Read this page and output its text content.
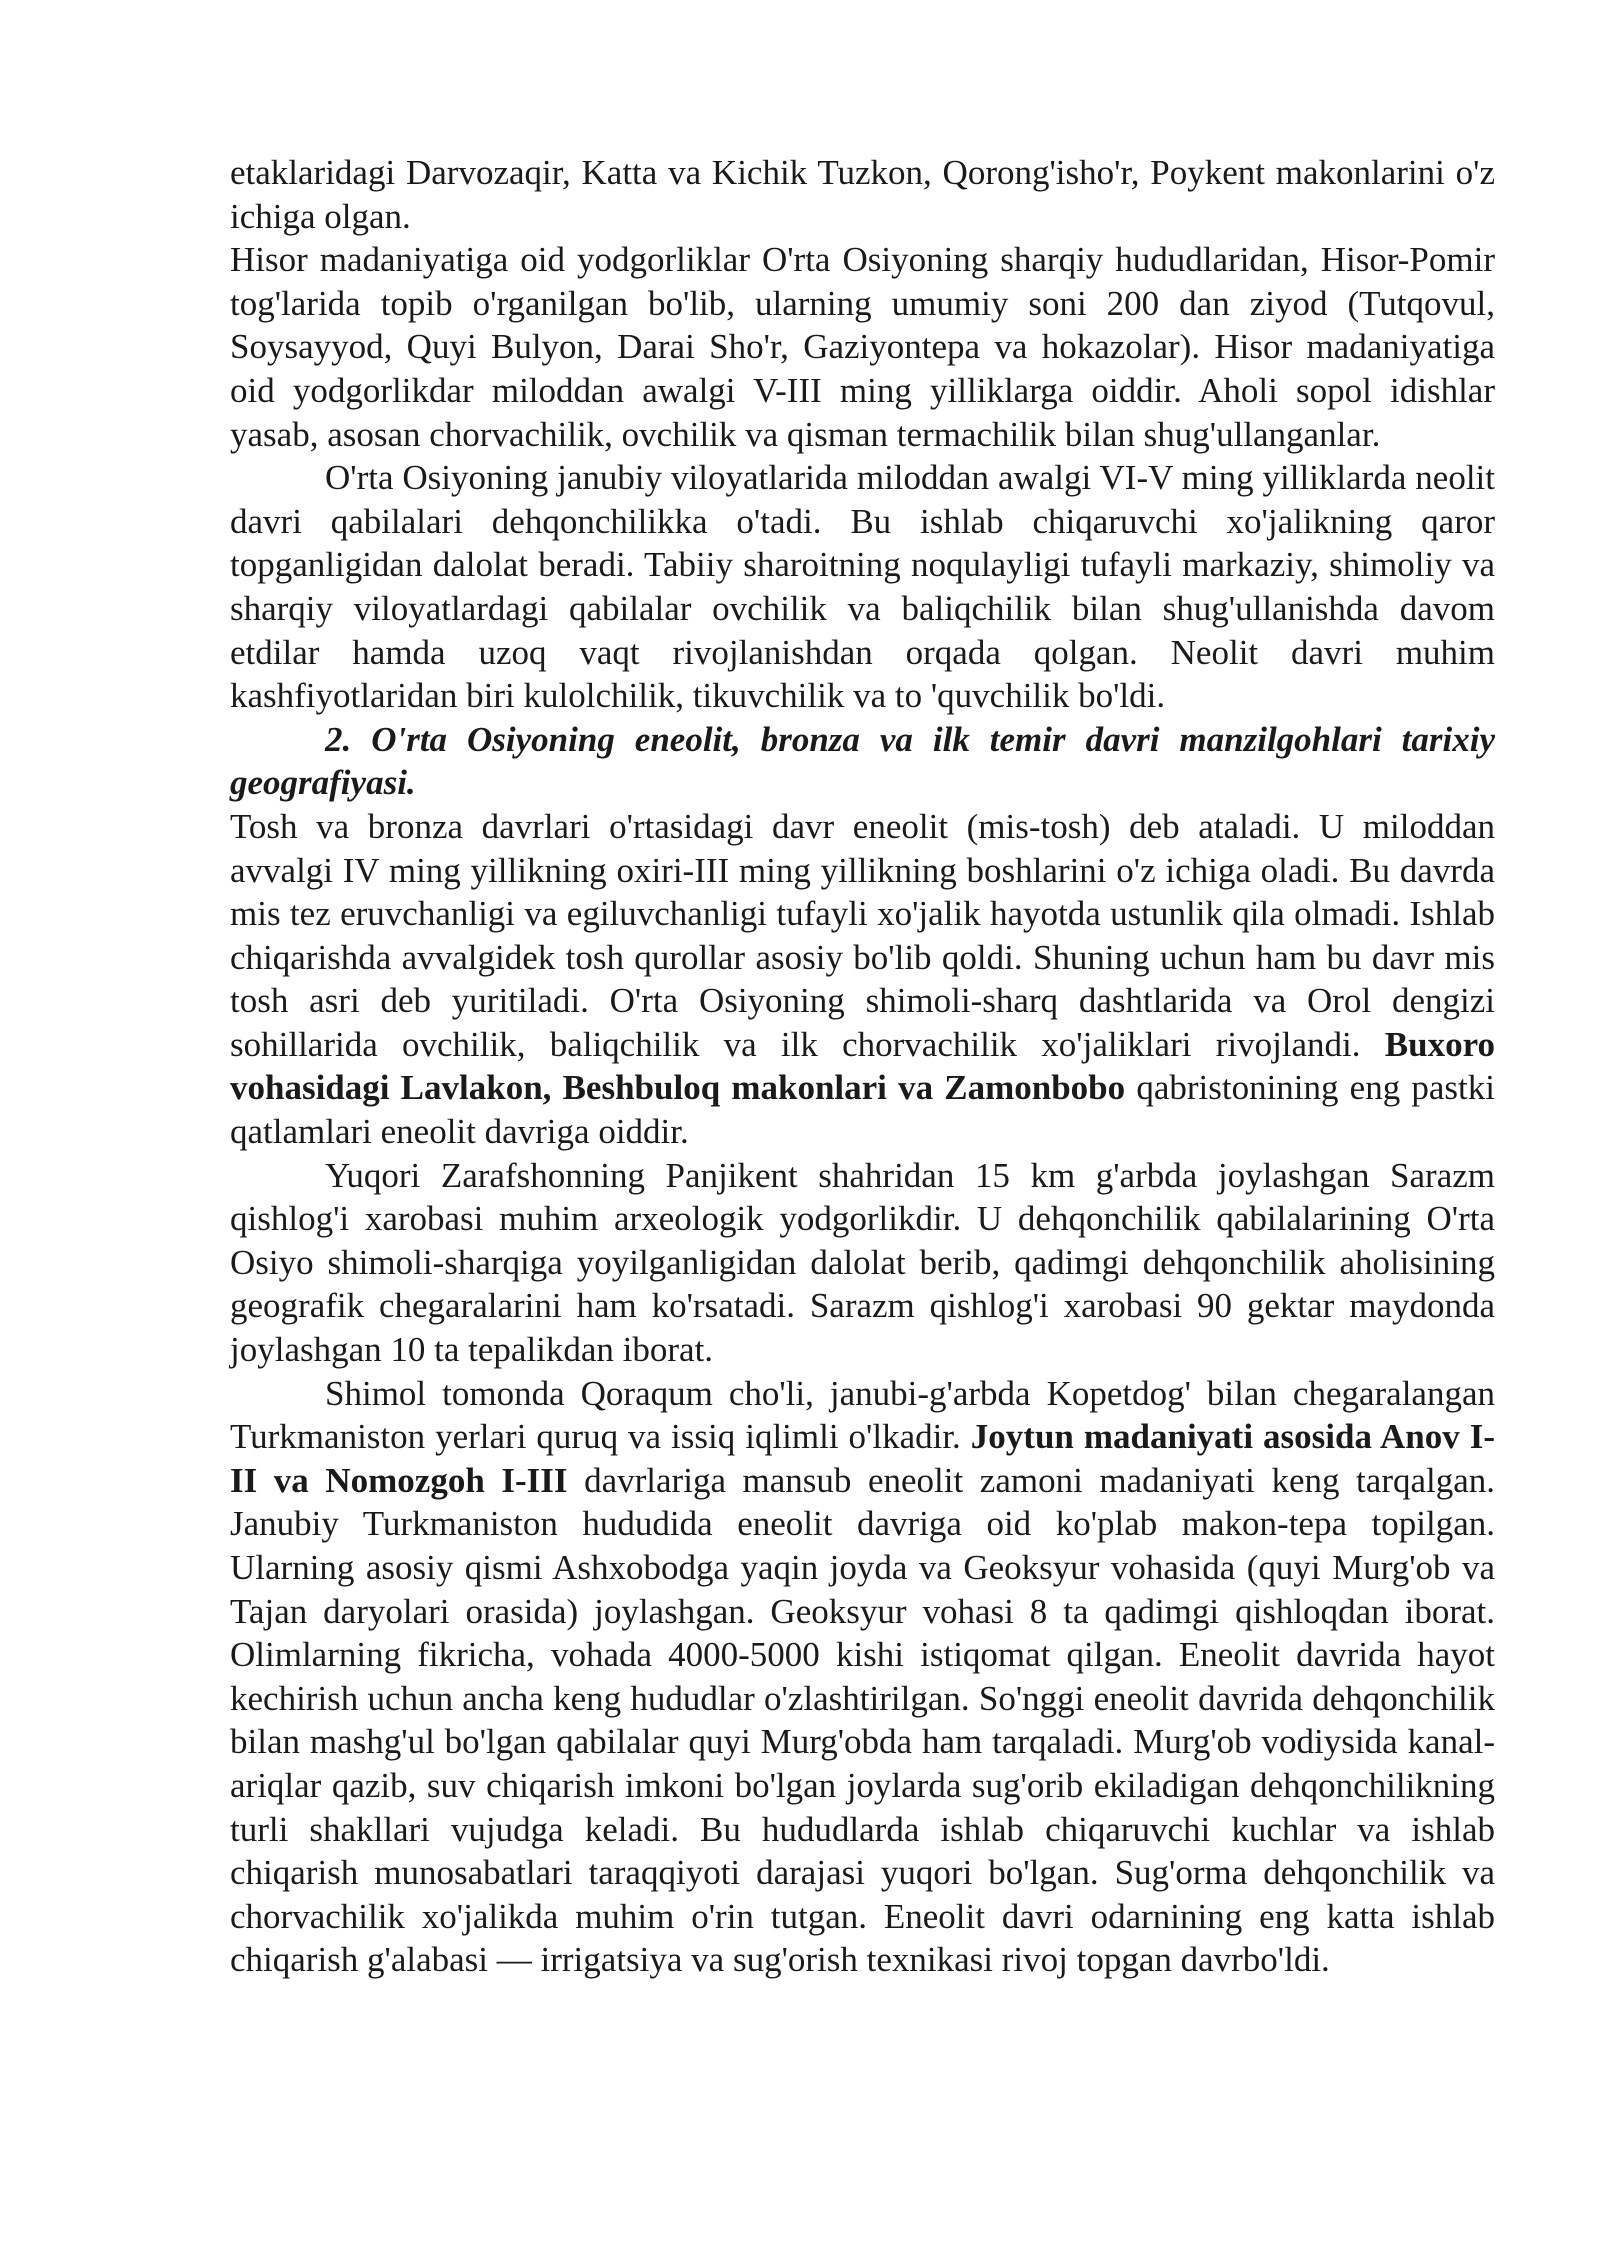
etaklaridagi Darvozaqir, Katta va Kichik Tuzkon, Qorong'isho'r, Poykent makonlarini o'z ichiga olgan.

Hisor madaniyatiga oid yodgorliklar O'rta Osiyoning sharqiy hududlaridan, Hisor-Pomir tog'larida topib o'rganilgan bo'lib, ularning umumiy soni 200 dan ziyod (Tutqovul, Soysayyod, Quyi Bulyon, Darai Sho'r, Gaziyontepa va hokazolar). Hisor madaniyatiga oid yodgorlikdar miloddan awalgi V-III ming yilliklarga oiddir. Aholi sopol idishlar yasab, asosan chorvachilik, ovchilik va qisman termachilik bilan shug'ullanganlar.

O'rta Osiyoning janubiy viloyatlarida miloddan awalgi VI-V ming yilliklarda neolit davri qabilalari dehqonchilikka o'tadi. Bu ishlab chiqaruvchi xo'jalikning qaror topganligidan dalolat beradi. Tabiiy sharoitning noqulayligi tufayli markaziy, shimoliy va sharqiy viloyatlardagi qabilalar ovchilik va baliqchilik bilan shug'ullanishda davom etdilar hamda uzoq vaqt rivojlanishdan orqada qolgan. Neolit davri muhim kashfiyotlaridan biri kulolchilik, tikuvchilik va to 'quvchilik bo'ldi.

2. O'rta Osiyoning eneolit, bronza va ilk temir davri manzilgohlari tarixiy geografiyasi.

Tosh va bronza davrlari o'rtasidagi davr eneolit (mis-tosh) deb ataladi. U miloddan avvalgi IV ming yillikning oxiri-III ming yillikning boshlarini o'z ichiga oladi. Bu davrda mis tez eruvchanligi va egiluvchanligi tufayli xo'jalik hayotda ustunlik qila olmadi. Ishlab chiqarishda avvalgidek tosh qurollar asosiy bo'lib qoldi. Shuning uchun ham bu davr mis tosh asri deb yuritiladi. O'rta Osiyoning shimoli-sharq dashtlarida va Orol dengizi sohillarida ovchilik, baliqchilik va ilk chorvachilik xo'jaliklari rivojlandi. Buxoro vohasidagi Lavlakon, Beshbuloq makonlari va Zamonbobo qabristonining eng pastki qatlamlari eneolit davriga oiddir.

Yuqori Zarafshonning Panjikent shahridan 15 km g'arbda joylashgan Sarazm qishlog'i xarobasi muhim arxeologik yodgorlikdir. U dehqonchilik qabilalarining O'rta Osiyo shimoli-sharqiga yoyilganligidan dalolat berib, qadimgi dehqonchilik aholisining geografik chegaralarini ham ko'rsatadi. Sarazm qishlog'i xarobasi 90 gektar maydonda joylashgan 10 ta tepalikdan iborat.

Shimol tomonda Qoraqum cho'li, janubi-g'arbda Kopetdog' bilan chegaralangan Turkmaniston yerlari quruq va issiq iqlimli o'lkadir. Joytun madaniyati asosida Anov I-II va Nomozgoh I-III davrlariga mansub eneolit zamoni madaniyati keng tarqalgan. Janubiy Turkmaniston hududida eneolit davriga oid ko'plab makon-tepa topilgan. Ularning asosiy qismi Ashxobodga yaqin joyda va Geoksyur vohasida (quyi Murg'ob va Tajan daryolari orasida) joylashgan. Geoksyur vohasi 8 ta qadimgi qishloqdan iborat. Olimlarning fikricha, vohada 4000-5000 kishi istiqomat qilgan. Eneolit davrida hayot kechirish uchun ancha keng hududlar o'zlashtirilgan. So'nggi eneolit davrida dehqonchilik bilan mashg'ul bo'lgan qabilalar quyi Murg'obda ham tarqaladi. Murg'ob vodiysida kanal-ariqlar qazib, suv chiqarish imkoni bo'lgan joylarda sug'orib ekiladigan dehqonchilikning turli shakllari vujudga keladi. Bu hududlarda ishlab chiqaruvchi kuchlar va ishlab chiqarish munosabatlari taraqqiyoti darajasi yuqori bo'lgan. Sug'orma dehqonchilik va chorvachilik xo'jalikda muhim o'rin tutgan. Eneolit davri odarnining eng katta ishlab chiqarish g'alabasi — irrigatsiya va sug'orish texnikasi rivoj topgan davrbo'ldi.
